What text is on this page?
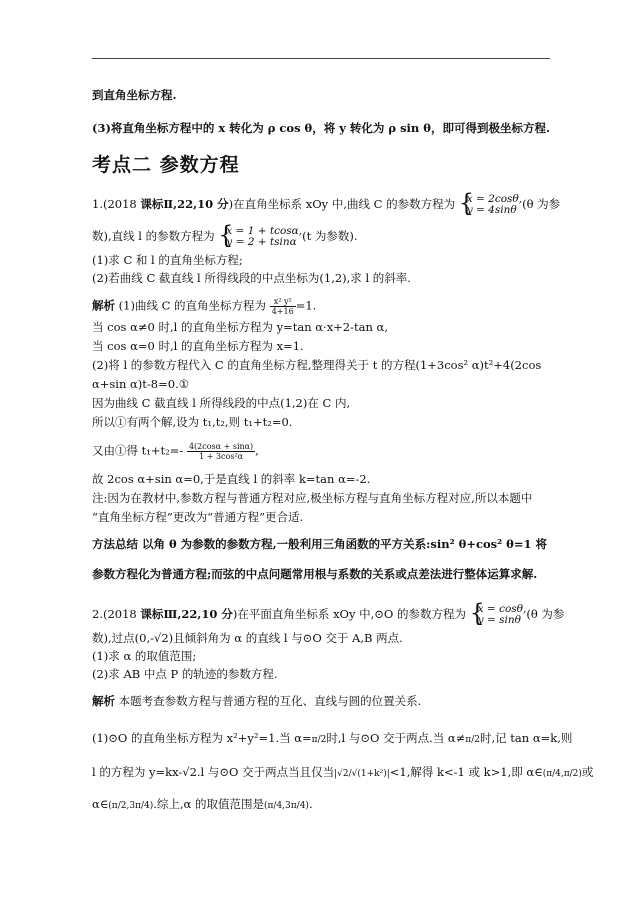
到直角坐标方程.
(3)将直角坐标方程中的 x 转化为 ρ cos θ，将 y 转化为 ρ sin θ，即可得到极坐标方程.
考点二 参数方程
1.(2018 课标Ⅱ,22,10 分)在直角坐标系 xOy 中,曲线 C 的参数方程为 {
x = 2cosθ,
y = 4sinθ (θ 为参
数),直线 l 的参数方程为 {
x = 1 + tcosα,
y = 2 + tsinα (t 为参数).
(1)求 C 和 l 的直角坐标方程;
(2)若曲线 C 截直线 l 所得线段的中点坐标为(1,2),求 l 的斜率.
解析 (1)曲线 C 的直角坐标方程为 $\frac{\text{x² y²}}{4+16} =1$.
当 cos α≠0 时,l 的直角坐标方程为 y=tan α·x+2-tan α,
当 cos α=0 时,l 的直角坐标方程为 x=1.
(2)将 l 的参数方程代入 C 的直角坐标方程,整理得关于 t 的方程(1+3cos² α)t²+4(2cos
α+sin α)t-8=0.①
因为曲线 C 截直线 l 所得线段的中点(1,2)在 C 内,
所以①有两个解,设为 t₁,t₂,则 t₁+t₂=0.
又由①得 $t_1+t_2=- \frac{4(2\cos\alpha + \sin\alpha)}{\text{1 + 3cos²α}}$ ,
故 2cos α+sin α=0,于是直线 l 的斜率 k=tan α=-2.
注:因为在教材中,参数方程与普通方程对应,极坐标方程与直角坐标方程对应,所以本题中
“直角坐标方程”更改为“普通方程”更合适.
方法总结 以角 θ 为参数的参数方程,一般利用三角函数的平方关系:sin² θ+cos² θ=1 将
参数方程化为普通方程;而弦的中点问题常用根与系数的关系或点差法进行整体运算求解.
2.(2018 课标Ⅲ,22,10 分)在平面直角坐标系 xOy 中,⊙O 的参数方程为 {
x = cosθ,
y = sinθ (θ 为参
数),过点(0,-√2)且倾斜角为 α 的直线 l 与⊙O 交于 A,B 两点.
(1)求 α 的取值范围;
(2)求 AB 中点 P 的轨迹的参数方程.
解析 本题考查参数方程与普通方程的互化、直线与圆的位置关系.
(1)⊙O 的直角坐标方程为 x²+y²=1.当 α=π/2时,l 与⊙O 交于两点.当 α≠π/2时,记 tan α=k,则
l 的方程为 y=kx-√2.l 与⊙O 交于两点当且仅当|√2/√(1+k²)|<1,解得 k<-1 或 k>1,即 α∈(π/4,π/2)或
α∈(π/2,3π/4).综上,α 的取值范围是(π/4,3π/4).
